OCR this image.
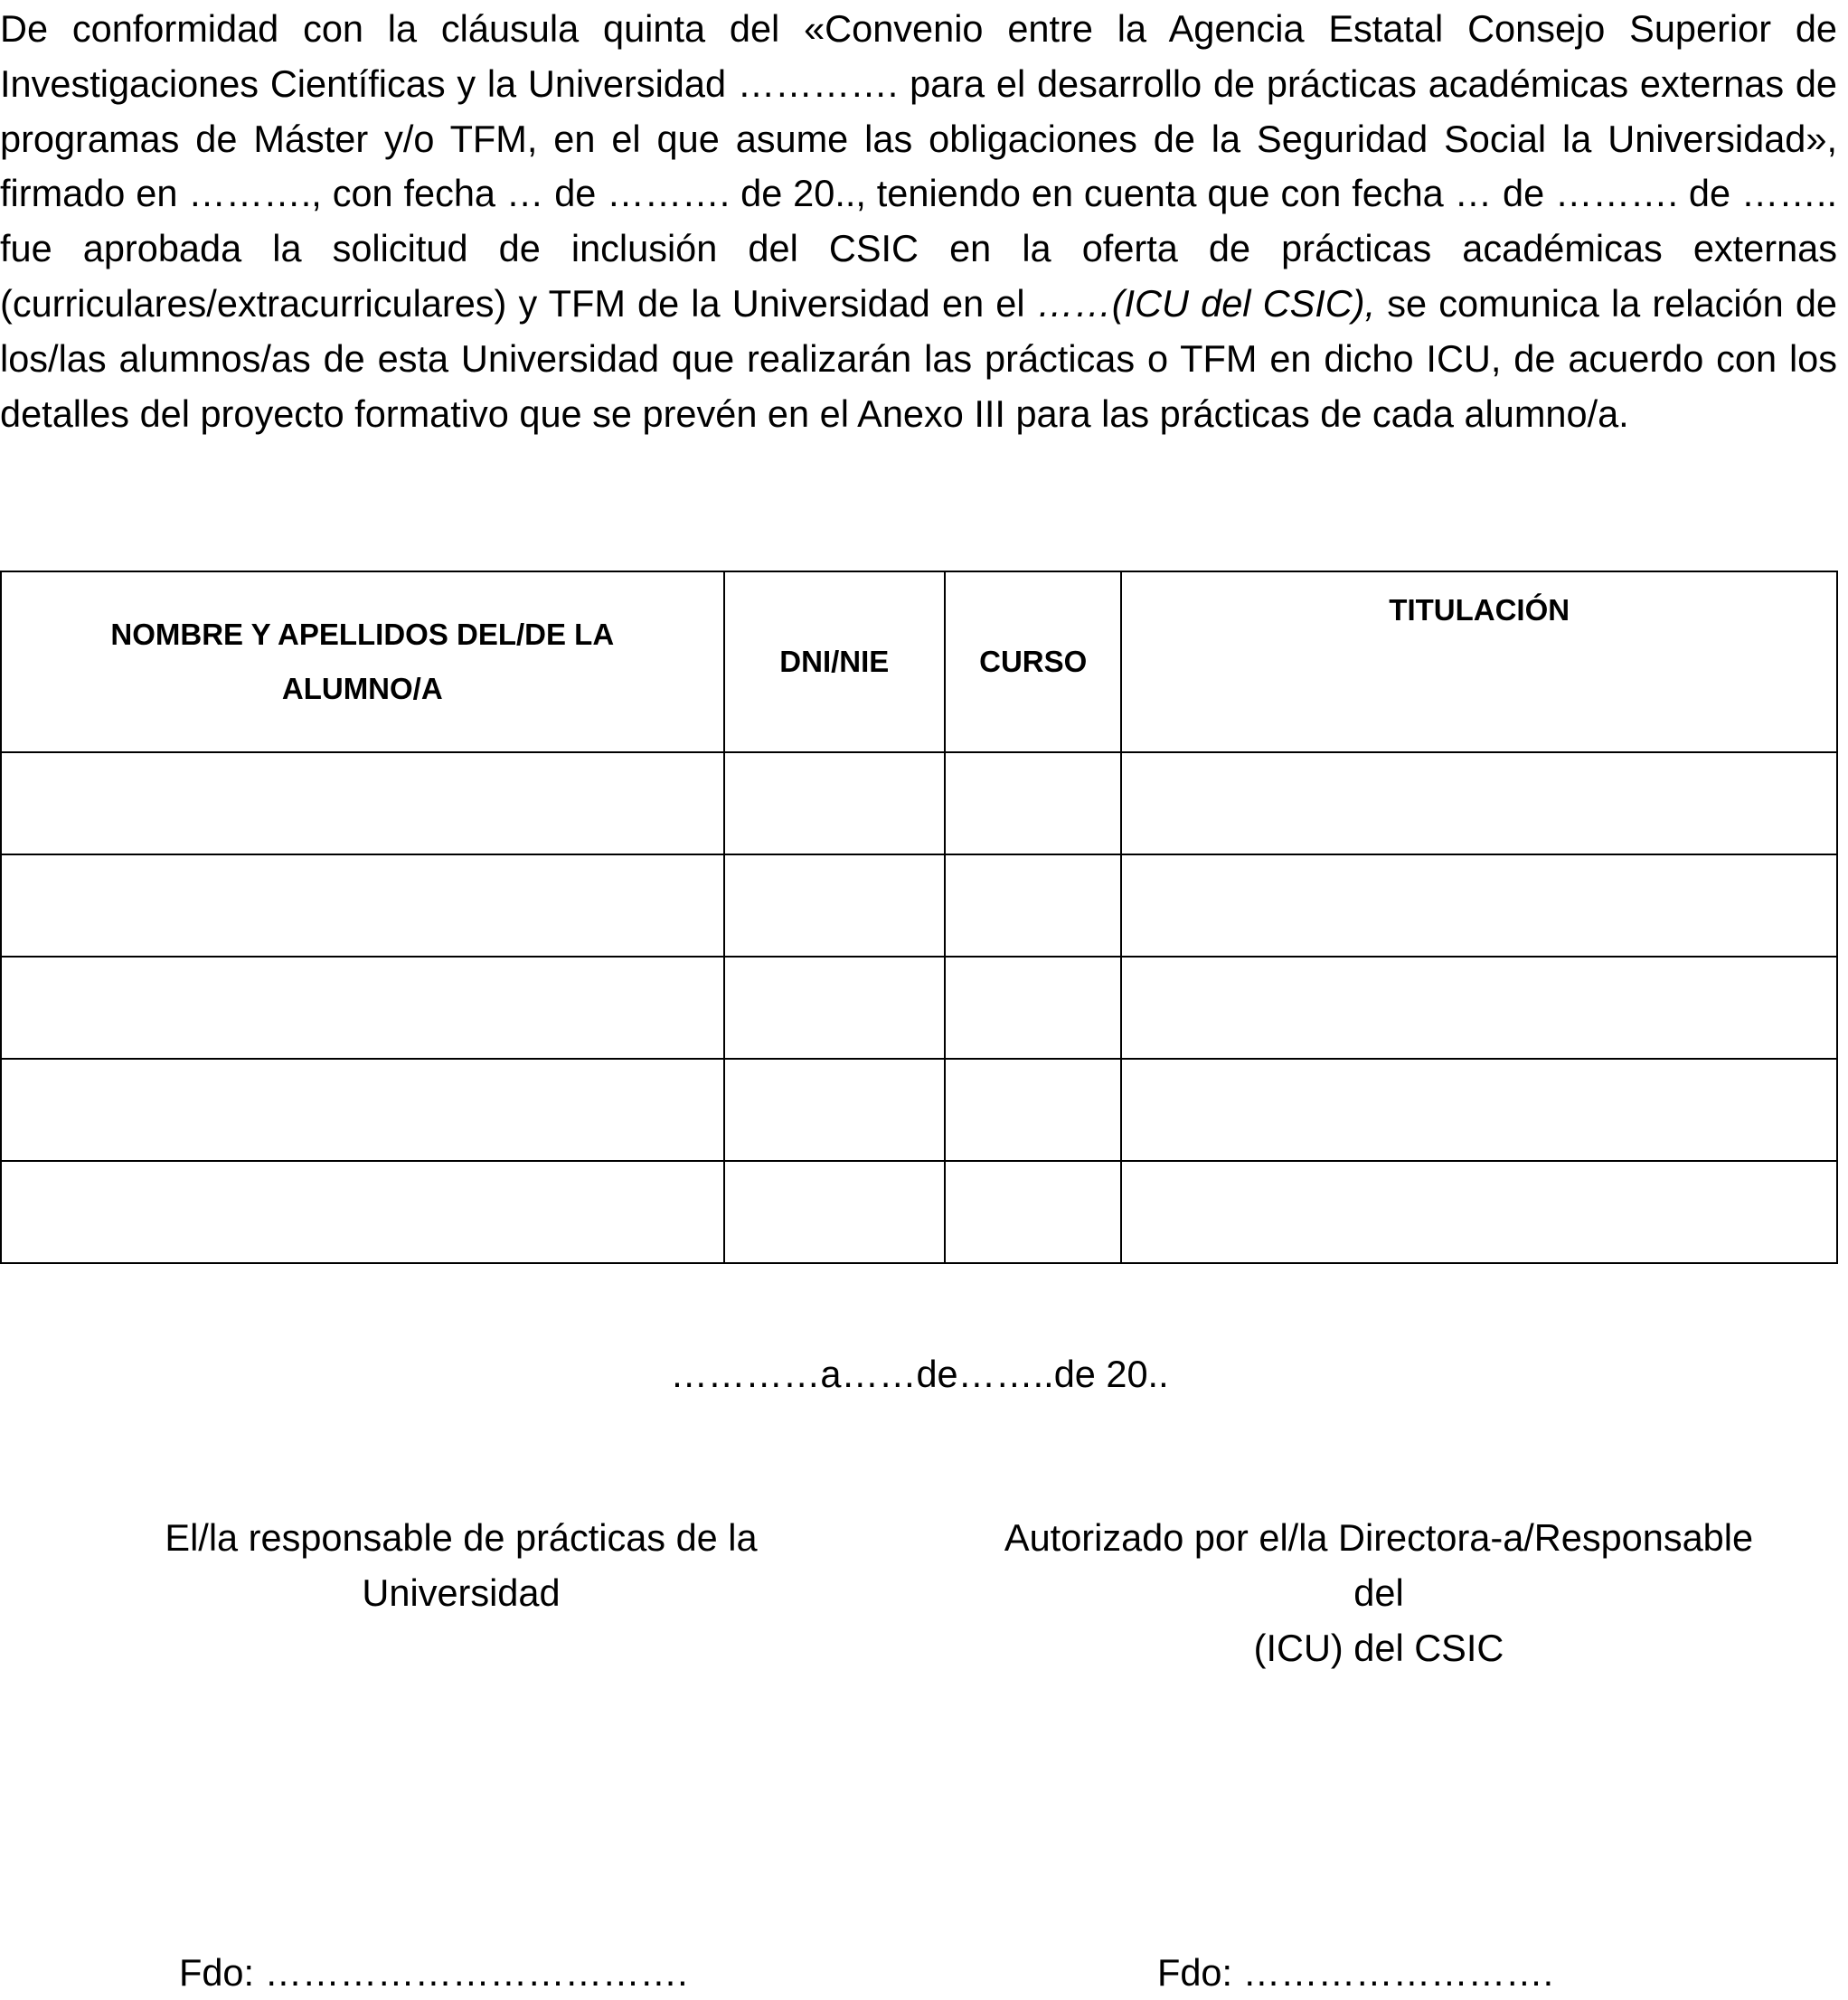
De conformidad con la cláusula quinta del «Convenio entre la Agencia Estatal Consejo Superior de Investigaciones Científicas y la Universidad …………. para el desarrollo de prácticas académicas externas de programas de Máster y/o TFM, en el que asume las obligaciones de la Seguridad Social la Universidad», firmado en ………., con fecha … de ………. de 20.., teniendo en cuenta que con fecha … de ………. de …….. fue aprobada la solicitud de inclusión del CSIC en la oferta de prácticas académicas externas (curriculares/extracurriculares) y TFM de la Universidad en el ……(ICU del CSIC), se comunica la relación de los/las alumnos/as de esta Universidad que realizarán las prácticas o TFM en dicho ICU, de acuerdo con los detalles del proyecto formativo que se prevén en el Anexo III para las prácticas de cada alumno/a.

NOMBRE Y APELLIDOS DEL/DE LA ALUMNO/A	DNI/NIE	CURSO	TITULACIÓN

…………a……de……..de 20..
El/la responsable de prácticas de la
Universidad
Autorizado por el/la Directora-a/Responsable
del
(ICU) del CSIC
Fdo: …………………………….	Fdo: …………………….
